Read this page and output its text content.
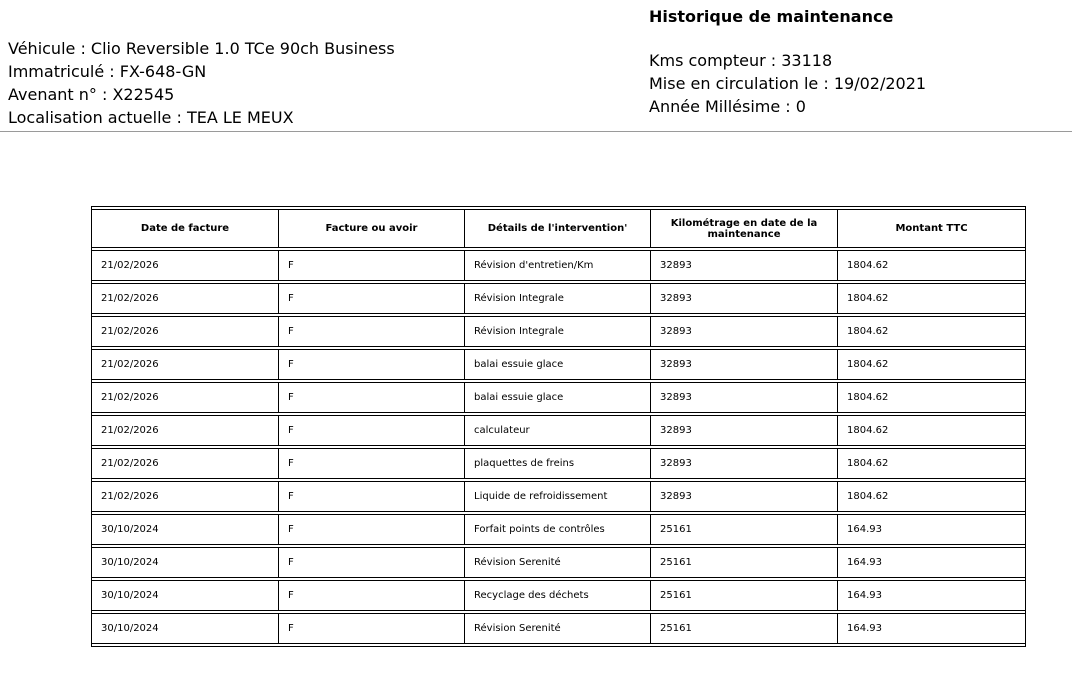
Historique de maintenance
Véhicule : Clio Reversible 1.0 TCe 90ch Business
Immatriculé : FX-648-GN
Avenant n° : X22545
Localisation actuelle : TEA LE MEUX
Kms compteur : 33118
Mise en circulation le : 19/02/2021
Année Millésime : 0
Date de facture	Facture ou avoir	Détails de l'intervention'	Kilométrage en date de la maintenance	Montant TTC
21/02/2026	F	Révision d'entretien/Km	32893	1804.62
21/02/2026	F	Révision Integrale	32893	1804.62
21/02/2026	F	Révision Integrale	32893	1804.62
21/02/2026	F	balai essuie glace	32893	1804.62
21/02/2026	F	balai essuie glace	32893	1804.62
21/02/2026	F	calculateur	32893	1804.62
21/02/2026	F	plaquettes de freins	32893	1804.62
21/02/2026	F	Liquide de refroidissement	32893	1804.62
30/10/2024	F	Forfait points de contrôles	25161	164.93
30/10/2024	F	Révision Serenité	25161	164.93
30/10/2024	F	Recyclage des déchets	25161	164.93
30/10/2024	F	Révision Serenité	25161	164.93
